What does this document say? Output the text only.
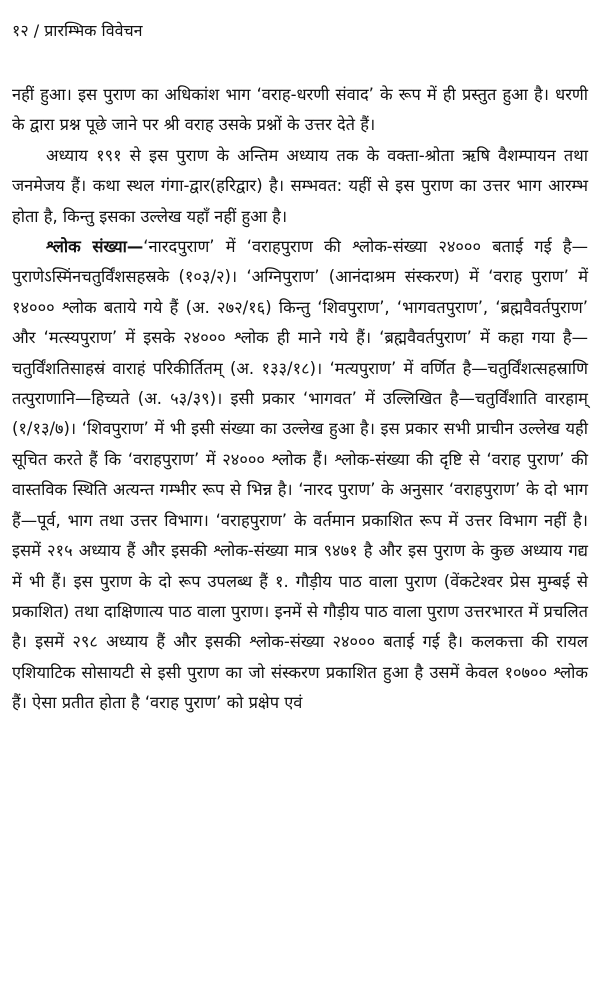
१२ / प्रारम्भिक विवेचन

नहीं हुआ। इस पुराण का अधिकांश भाग ‘वराह-धरणी संवाद’ के रूप में ही प्रस्तुत हुआ है। धरणी के द्वारा प्रश्न पूछे जाने पर श्री वराह उसके प्रश्नों के उत्तर देते हैं।

अध्याय १९१ से इस पुराण के अन्तिम अध्याय तक के वक्ता-श्रोता ऋषि वैशम्पायन तथा जनमेजय हैं। कथा स्थल गंगा-द्वार(हरिद्वार) है। सम्भवत: यहीं से इस पुराण का उत्तर भाग आरम्भ होता है, किन्तु इसका उल्लेख यहाँ नहीं हुआ है।

श्लोक संख्या—‘नारदपुराण’ में ‘वराहपुराण की श्लोक-संख्या २४००० बताई गई है—पुराणेऽस्मिंनचतुर्विंशसहस्रके (१०३/२)। ‘अग्निपुराण’ (आनंदाश्रम संस्करण) में ‘वराह पुराण’ में १४००० श्लोक बताये गये हैं (अ. २७२/१६) किन्तु ‘शिवपुराण’, ‘भागवतपुराण’, ‘ब्रह्मवैवर्तपुराण’ और ‘मत्स्यपुराण’ में इसके २४००० श्लोक ही माने गये हैं। ‘ब्रह्मवैवर्तपुराण’ में कहा गया है—चतुर्विंशतिसाहस्रं वाराहं परिकीर्तितम् (अ. १३३/१८)। ‘मत्यपुराण’ में वर्णित है—चतुर्विंशत्सहस्राणि तत्पुराणानि—हिच्यते (अ. ५३/३९)। इसी प्रकार ‘भागवत’ में उल्लिखित है—चतुर्विंशाति वारहाम् (१/१३/७)। ‘शिवपुराण’ में भी इसी संख्या का उल्लेख हुआ है। इस प्रकार सभी प्राचीन उल्लेख यही सूचित करते हैं कि ‘वराहपुराण’ में २४००० श्लोक हैं। श्लोक-संख्या की दृष्टि से ‘वराह पुराण’ की वास्तविक स्थिति अत्यन्त गम्भीर रूप से भिन्न है। ‘नारद पुराण’ के अनुसार ‘वराहपुराण’ के दो भाग हैं—पूर्व, भाग तथा उत्तर विभाग। ‘वराहपुराण’ के वर्तमान प्रकाशित रूप में उत्तर विभाग नहीं है। इसमें २१५ अध्याय हैं और इसकी श्लोक-संख्या मात्र ९४७१ है और इस पुराण के कुछ अध्याय गद्य में भी हैं। इस पुराण के दो रूप उपलब्ध हैं १. गौड़ीय पाठ वाला पुराण (वेंकटेश्वर प्रेस मुम्बई से प्रकाशित) तथा दाक्षिणात्य पाठ वाला पुराण। इनमें से गौड़ीय पाठ वाला पुराण उत्तरभारत में प्रचलित है। इसमें २९८ अध्याय हैं और इसकी श्लोक-संख्या २४००० बताई गई है। कलकत्ता की रायल एशियाटिक सोसायटी से इसी पुराण का जो संस्करण प्रकाशित हुआ है उसमें केवल १०७०० श्लोक हैं। ऐसा प्रतीत होता है ‘वराह पुराण’ को प्रक्षेप एवं
